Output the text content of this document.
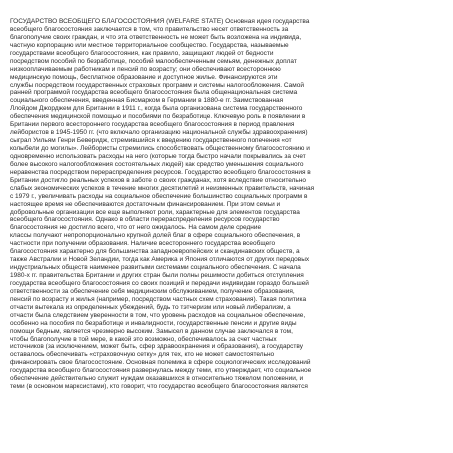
ГОСУДАРСТВО ВСЕОБЩЕГО БЛАГОСОСТОЯНИЯ (WELFARE STATE) Основная идея государства
всеобщего благосостояния заключается в том, что правительство несет ответственность за
благополучие своих граждан, и что эта ответственность не может быть возложена на индивида,
частную корпорацию или местное территориальное сообщество. Государства, называемые
государствами всеобщего благосостояния, как правило, защищают людей от бедности
посредством пособий по безработице, пособий малообеспеченным семьям, денежных доплат
низкооплачиваемым работникам и пенсий по возрасту; они обеспечивают всестороннюю
медицинскую помощь, бесплатное образование и доступное жилье. Финансируются эти
службы посредством государственных страховых программ и системы налогообложения. Самой
ранней программой государства всеобщего благосостояния была общенациональная система
социального обеспечения, введенная Бисмарком в Германии в 1880-е гг. Заимствованная
Ллойдом Джорджем для Британии в 1911 г., когда была организована система государственного
обеспечения медицинской помощью и пособиями по безработице. Ключевую роль в появлении в
Британии первого всестороннего государства всеобщего благосостояния в период правления
лейбористов в 1945-1950 гг. (что включало организацию национальной службы здравоохранения)
сыграл Уильям Генри Беверидж, стремившийся к введению государственного попечения «от
колыбели до могилы». Лейбористы стремились способствовать общественному благосостоянию и
одновременно использовать расходы на него (которые тогда быстро начали покрывались за счет
более высокого налогообложения состоятельных людей) как средство уменьшения социального
неравенства посредством перераспределения ресурсов. Государство всеобщего благосостояния в
Британии достигло реальных успехов в заботе о своих гражданах, хотя вследствие относительно
слабых экономических успехов в течение многих десятилетий и неизменных правительств, начиная
с 1979 г., увеличивать расходы на социальное обеспечение большинство социальных программ в
настоящее время не обеспечиваются достаточным финансированием. При этом семьи и
добровольные организации все еще выполняют роли, характерные для элементов государства
всеобщего благосостояния. Однако в области перераспределения ресурсов государство
благосостояния не достигло всего, что от него ожидалось. На самом деле средние
классы получают непропорционально крупной долей благ в сфере социального обеспечения, в
частности при получении образования. Наличие всестороннего государства всеобщего
благосостояния характерно для большинства западноевропейских и скандинавских обществ, а
также Австралии и Новой Зеландии, тогда как Америка и Япония отличаются от других передовых
индустриальных обществ наименее развитыми системами социального обеспечения. С начала
1980-х гг. правительства Британии и других стран были полны решимости добиться отступления
государства всеобщего благосостояния со своих позиций и передачи индивидам гораздо большей
ответственности за обеспечение себя медицинским обслуживанием, получение образования,
пенсий по возрасту и жилья (например, посредством частных схем страхования). Такая политика
отчасти вытекала из определенных убеждений, будь то тэтчеризм или новый либерализм, а
отчасти была следствием уверенности в том, что уровень расходов на социальное обеспечение,
особенно на пособия по безработице и инвалидности, государственные пенсии и другие виды
помощи бедным, является чрезмерно высоким. Замысел в данном случае заключался в том,
чтобы благополучие в той мере, в какой это возможно, обеспечивалось за счет частных
источников (за исключением, может быть, сфер здравоохранения и образования), а государству
оставалось обеспечивать «страховочную сетку» для тех, кто не может самостоятельно
финансировать свое благосостояние. Основная полемика в сфере социологических исследований
государства всеобщего благосостояния развернулась между теми, кто утверждает, что социальное
обеспечение действительно служит нуждам оказавшихся в относительно тяжелом положении, и
теми (в основном марксистами), кто говорит, что государство всеобщего благосостояния является
